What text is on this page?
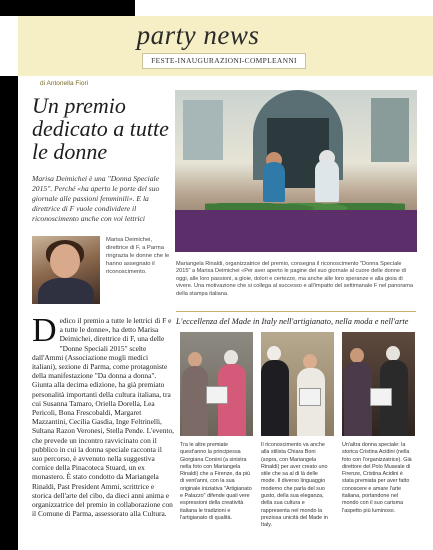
party news
FESTE-INAUGURAZIONI-COMPLEANNI
di Antonella Fiori
Un premio dedicato a tutte le donne
Marisa Deimichei è una "Donna Speciale 2015". Perché «ha aperto le porte del suo giornale alle passioni femminili». E la direttrice di F vuole condividere il riconoscimento anche con voi lettrici
Marisa Deimichei, direttrice di F, a Parma ringrazia le donne che le hanno assegnato il riconoscimento.
Dedico il premio a tutte le lettrici di F e a tutte le donne», ha detto Marisa Deimichei, direttrice di F, una delle "Donne Speciali 2015" scelte dall'Ammi (Associazione mogli medici italiani), sezione di Parma, come protagoniste della manifestazione "Da donna a donna". Giunta alla decima edizione, ha già premiato personalità importanti della cultura italiana, tra cui Susanna Tamaro, Oriella Dorella, Lea Pericoli, Bona Frescobaldi, Margaret Mazzantini, Cecilia Gasdia, Inge Feltrinelli, Sultana Razon Veronesi, Stella Pende. L'evento, che prevede un incontro ravvicinato con il pubblico in cui la donna speciale racconta il suo percorso, è avvenuto nella suggestiva cornice della Pinacoteca Stuard, un ex monastero. È stato condotto da Mariangela Rinaldi, Past President Ammi, scrittrice e storica dell'arte del cibo, da dieci anni anima e organizzatrice del premio in collaborazione con il Comune di Parma, assessorato alla Cultura.
Mariangela Rinaldi, organizzatrice del premio, consegna il riconoscimento "Donna Speciale 2015" a Marisa Deimichei «Per aver aperto le pagine del suo giornale al cuore delle donne di oggi, alle loro passioni, a gioie, dolori e certezze, ma anche alle loro speranze e alla gioia di vivere. Una motivazione che si collega al successo e all'impatto del settimanale F nel panorama della stampa italiana.
L'eccellenza del Made in Italy nell'artigianato, nella moda e nell'arte
Tra le altre premiate quest'anno la principessa Giorgiana Corsini (a sinistra nella foto con Mariangela Rinaldi) che a Firenze, da più di vent'anni, con la sua originale iniziativa "Artigianato e Palazzo" difende quali vere espressioni della creatività italiana le tradizioni e l'artigianato di qualità.
Il riconoscimento va anche alla stilista Chiara Boni (sopra, con Mariangela Rinaldi) per aver creato uno stile che sa al di là delle mode. Il diverso linguaggio moderno che parla del suo gusto, della sua eleganza, della sua cultura e rappresenta nel mondo la preziosa unicità del Made in Italy.
Un'altra donna speciale: la storica Cristina Acidini (nella foto con l'organizzatrice). Già direttore del Polo Museale di Firenze, Cristina Acidini è stata premiata per aver fatto conoscere e amare l'arte italiana, portandone nel mondo con il suo carisma l'aspetto più luminoso.
